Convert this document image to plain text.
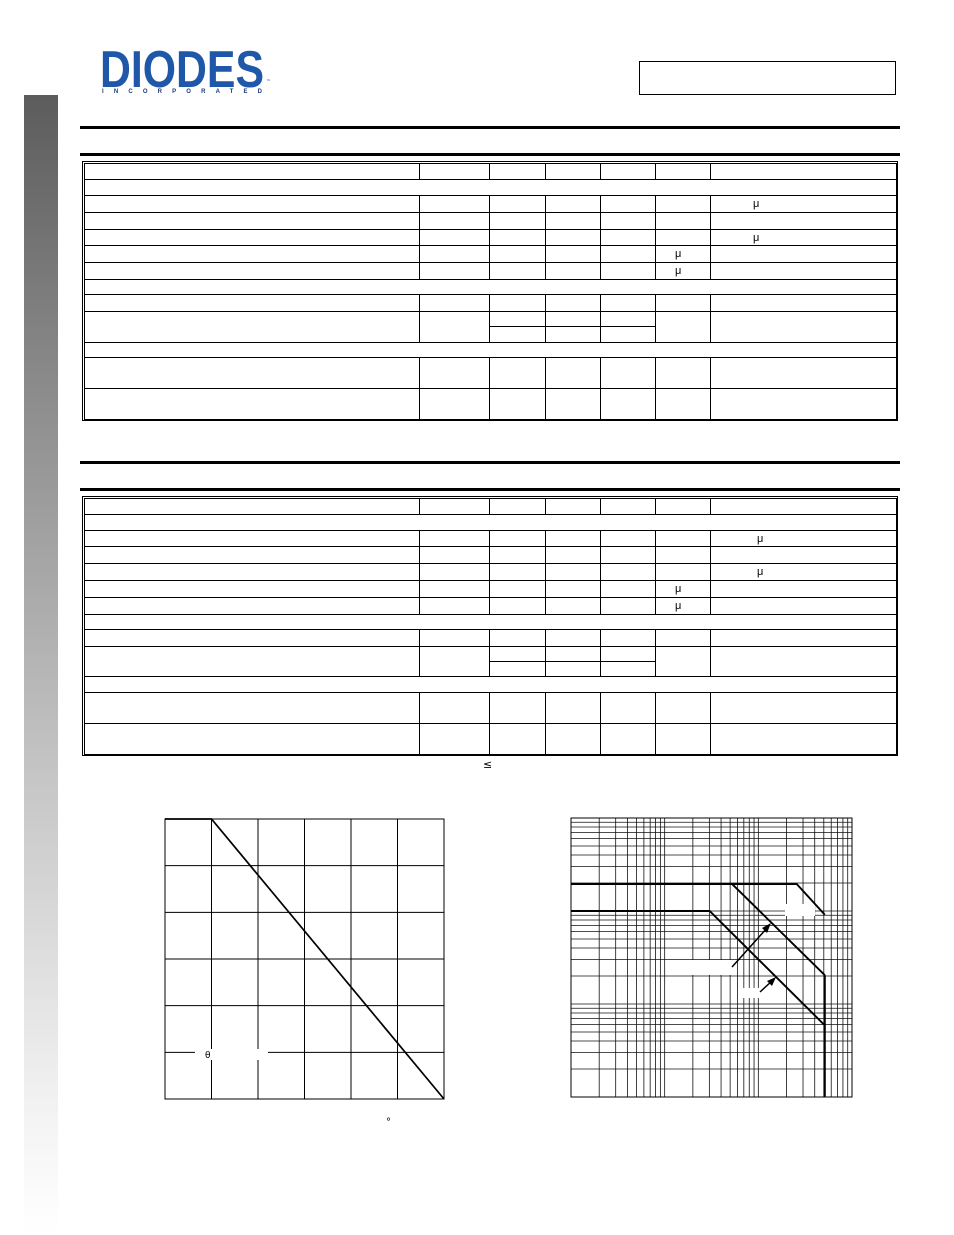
DIODES
INCORPORATED
™
μ
μ
μ
μ
μ
μ
μ
μ
≤
θ
°
